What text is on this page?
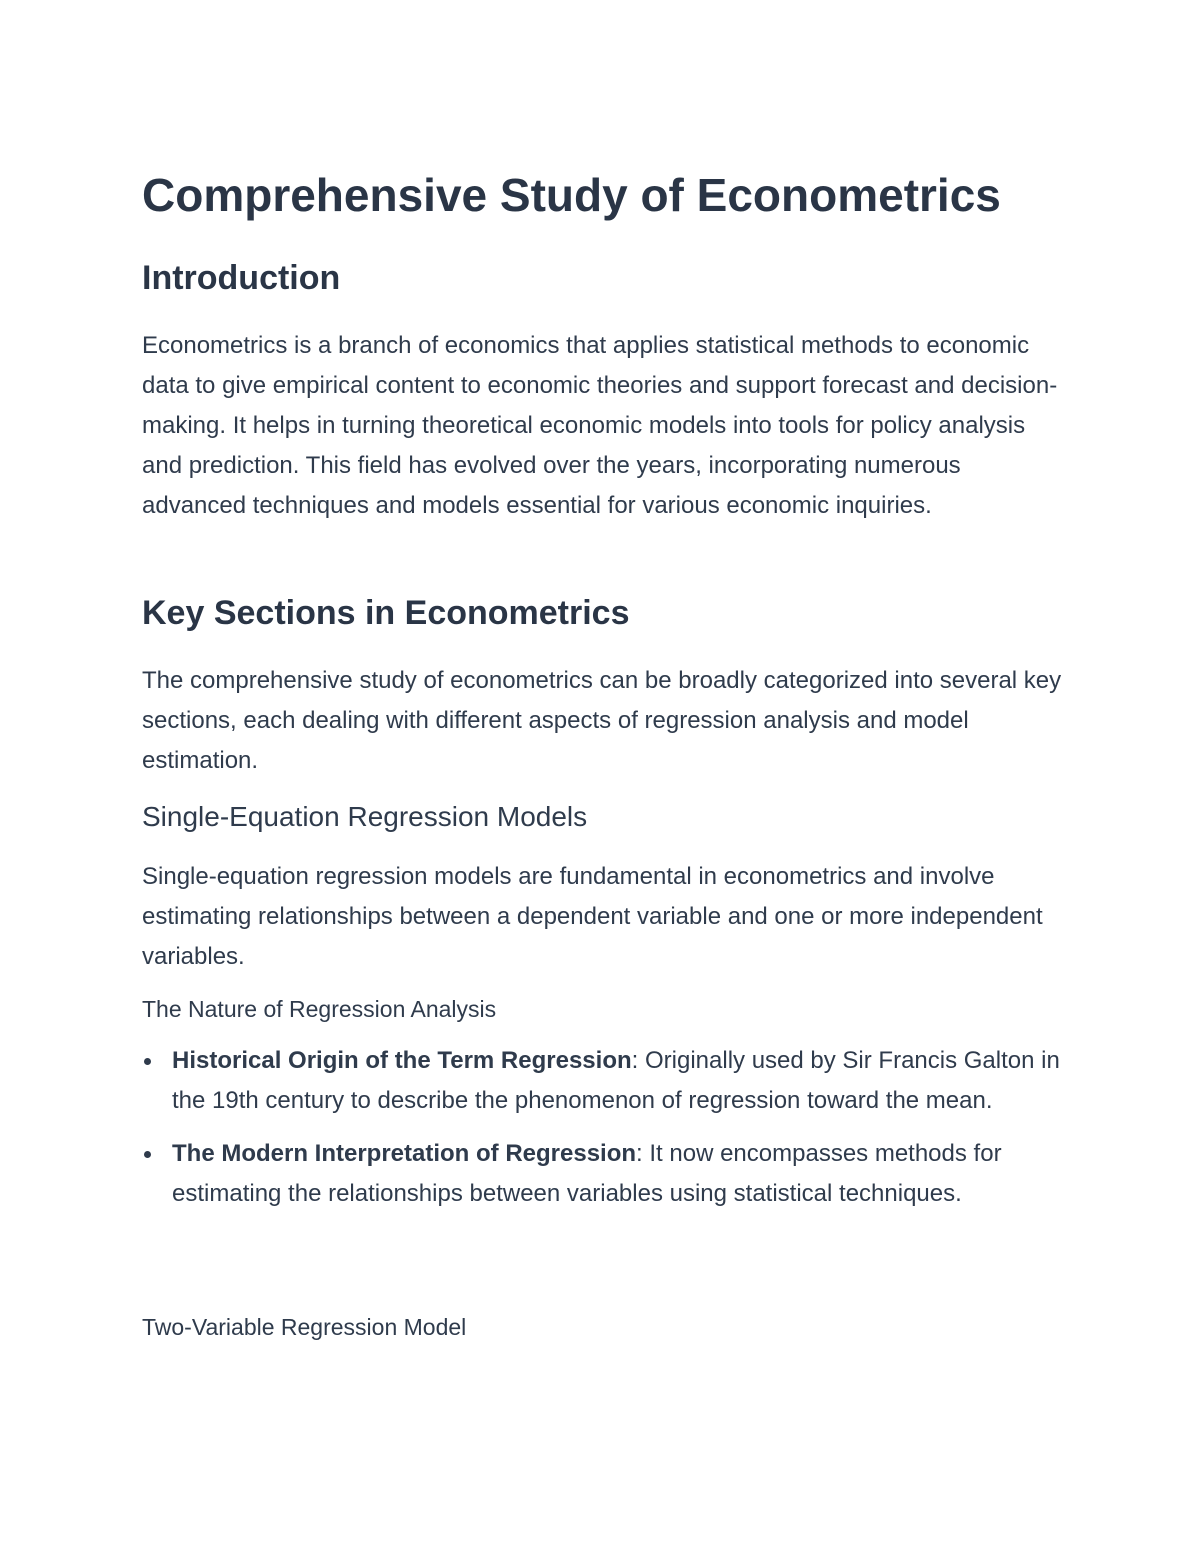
Comprehensive Study of Econometrics
Introduction

Econometrics is a branch of economics that applies statistical methods to economic data to give empirical content to economic theories and support forecast and decision-making. It helps in turning theoretical economic models into tools for policy analysis and prediction. This field has evolved over the years, incorporating numerous advanced techniques and models essential for various economic inquiries.

Key Sections in Econometrics

The comprehensive study of econometrics can be broadly categorized into several key sections, each dealing with different aspects of regression analysis and model estimation.

Single-Equation Regression Models

Single-equation regression models are fundamental in econometrics and involve estimating relationships between a dependent variable and one or more independent variables.

The Nature of Regression Analysis
Historical Origin of the Term Regression: Originally used by Sir Francis Galton in the 19th century to describe the phenomenon of regression toward the mean.
The Modern Interpretation of Regression: It now encompasses methods for estimating the relationships between variables using statistical techniques.
Two-Variable Regression Model
